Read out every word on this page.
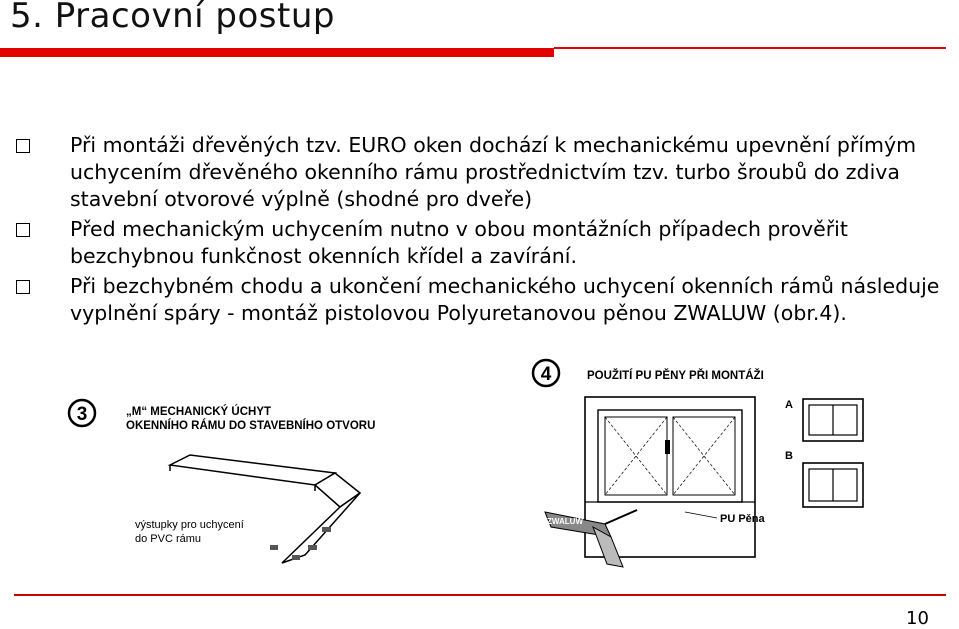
5. Pracovní postup
Při montáži dřevěných tzv. EURO oken dochází k mechanickému upevnění přímým uchycením dřevěného okenního rámu prostřednictvím tzv. turbo šroubů do zdiva stavební otvorové výplně (shodné pro dveře)
Před mechanickým uchycením nutno v obou montážních případech prověřit bezchybnou funkčnost okenních křídel a zavírání.
Při bezchybném chodu a ukončení mechanického uchycení okenních rámů následuje vyplnění spáry - montáž pistolovou Polyuretanovou pěnou ZWALUW (obr.4).
3	„M“ MECHANICKÝ ÚCHYT
OKENNÍHO RÁMU DO STAVEBNÍHO OTVORU
výstupky pro uchycení
do PVC rámu
4	POUŽITÍ PU PĚNY PŘI MONTÁŽI
ZWALUW	PU Pěna
A
B
10
